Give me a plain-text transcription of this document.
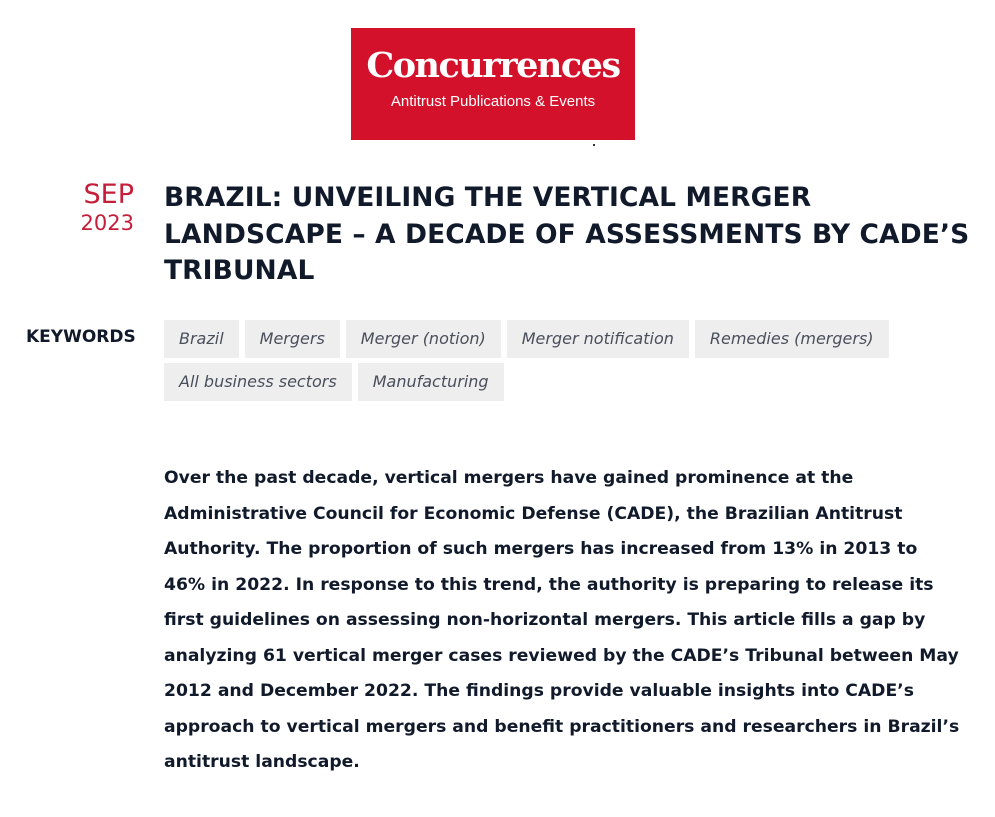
Concurrences
Antitrust Publications & Events
SEP
2023
BRAZIL: UNVEILING THE VERTICAL MERGER LANDSCAPE – A DECADE OF ASSESSMENTS BY CADE’S TRIBUNAL
KEYWORDS	Brazil	Mergers	Merger (notion)	Merger notification	Remedies (mergers)
All business sectors	Manufacturing

Over the past decade, vertical mergers have gained prominence at the Administrative Council for Economic Defense (CADE), the Brazilian Antitrust Authority. The proportion of such mergers has increased from 13% in 2013 to 46% in 2022. In response to this trend, the authority is preparing to release its first guidelines on assessing non-horizontal mergers. This article fills a gap by analyzing 61 vertical merger cases reviewed by the CADE’s Tribunal between May 2012 and December 2022. The findings provide valuable insights into CADE’s approach to vertical mergers and benefit practitioners and researchers in Brazil’s antitrust landscape.
